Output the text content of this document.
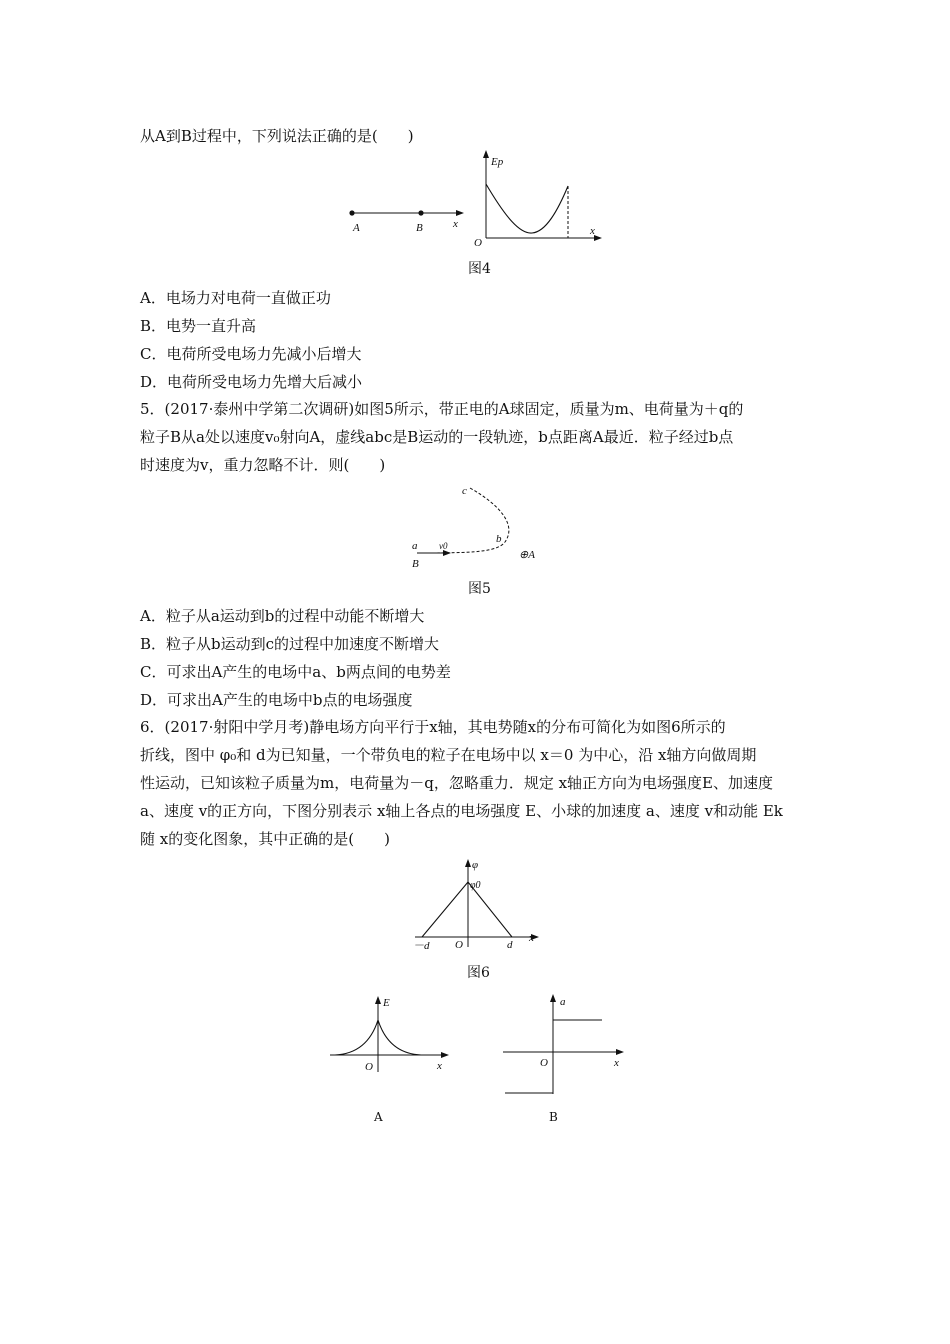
从A到B过程中，下列说法正确的是(　　)
A	B	x
Ep
O
x
图4
A．电场力对电荷一直做正功
B．电势一直升高
C．电荷所受电场力先减小后增大
D．电荷所受电场力先增大后减小
5．(2017·泰州中学第二次调研)如图5所示，带正电的A球固定，质量为m、电荷量为＋q的
粒子B从a处以速度v₀射向A，虚线abc是B运动的一段轨迹，b点距离A最近．粒子经过b点
时速度为v，重力忽略不计．则(　　)
c
b
a v0
B
⊕A
图5
A．粒子从a运动到b的过程中动能不断增大
B．粒子从b运动到c的过程中加速度不断增大
C．可求出A产生的电场中a、b两点间的电势差
D．可求出A产生的电场中b点的电场强度
6．(2017·射阳中学月考)静电场方向平行于x轴，其电势随x的分布可简化为如图6所示的
折线，图中 φ₀和 d为已知量，一个带负电的粒子在电场中以 x＝0 为中心，沿 x轴方向做周期
性运动，已知该粒子质量为m，电荷量为－q，忽略重力．规定 x轴正方向为电场强度E、加速度
a、速度 v的正方向，下图分别表示 x轴上各点的电场强度 E、小球的加速度 a、速度 v和动能 Ek
随 x的变化图象，其中正确的是(　　)
φ
φ0
－d O	d
x
图6
E
O	x
A
a
O	x
B
